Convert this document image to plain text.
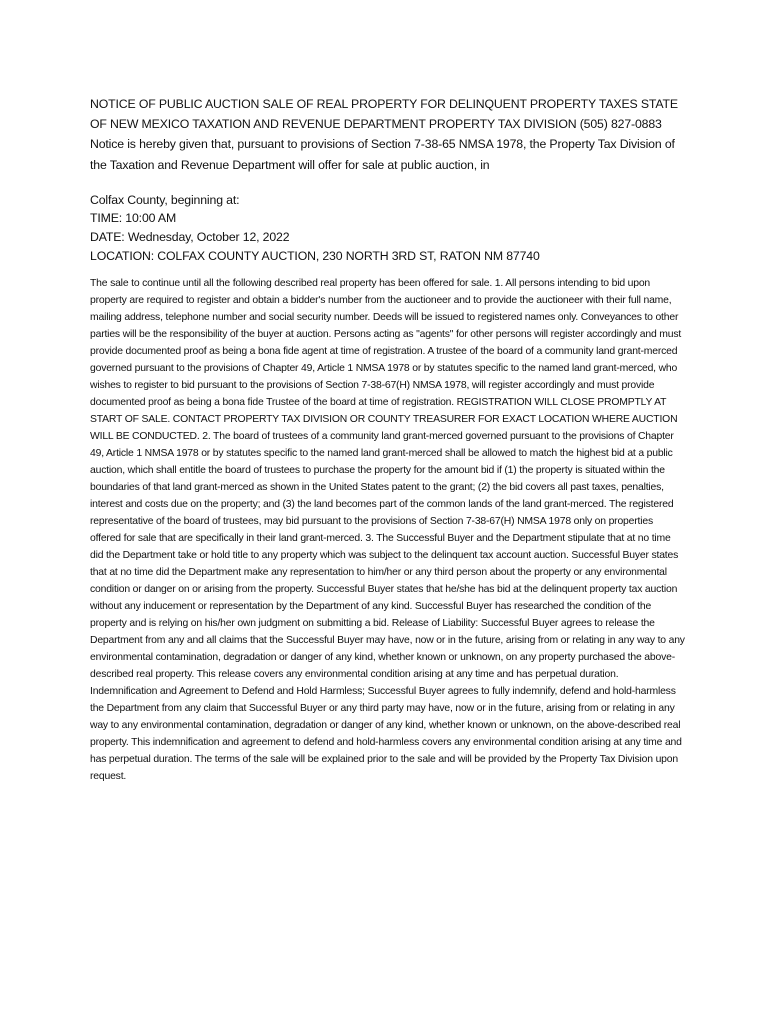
NOTICE OF PUBLIC AUCTION SALE OF REAL PROPERTY FOR DELINQUENT PROPERTY TAXES STATE OF NEW MEXICO TAXATION AND REVENUE DEPARTMENT PROPERTY TAX DIVISION (505) 827-0883 Notice is hereby given that, pursuant to provisions of Section 7-38-65 NMSA 1978, the Property Tax Division of the Taxation and Revenue Department will offer for sale at public auction, in

Colfax County, beginning at:

TIME: 10:00 AM

DATE: Wednesday, October 12, 2022

LOCATION: COLFAX COUNTY AUCTION, 230 NORTH 3RD ST, RATON NM 87740

The sale to continue until all the following described real property has been offered for sale. 1. All persons intending to bid upon property are required to register and obtain a bidder's number from the auctioneer and to provide the auctioneer with their full name, mailing address, telephone number and social security number. Deeds will be issued to registered names only. Conveyances to other parties will be the responsibility of the buyer at auction. Persons acting as "agents" for other persons will register accordingly and must provide documented proof as being a bona fide agent at time of registration. A trustee of the board of a community land grant-merced governed pursuant to the provisions of Chapter 49, Article 1 NMSA 1978 or by statutes specific to the named land grant-merced, who wishes to register to bid pursuant to the provisions of Section 7-38-67(H) NMSA 1978, will register accordingly and must provide documented proof as being a bona fide Trustee of the board at time of registration. REGISTRATION WILL CLOSE PROMPTLY AT START OF SALE. CONTACT PROPERTY TAX DIVISION OR COUNTY TREASURER FOR EXACT LOCATION WHERE AUCTION WILL BE CONDUCTED. 2. The board of trustees of a community land grant-merced governed pursuant to the provisions of Chapter 49, Article 1 NMSA 1978 or by statutes specific to the named land grant-merced shall be allowed to match the highest bid at a public auction, which shall entitle the board of trustees to purchase the property for the amount bid if (1) the property is situated within the boundaries of that land grant-merced as shown in the United States patent to the grant; (2) the bid covers all past taxes, penalties, interest and costs due on the property; and (3) the land becomes part of the common lands of the land grant-merced. The registered representative of the board of trustees, may bid pursuant to the provisions of Section 7-38-67(H) NMSA 1978 only on properties offered for sale that are specifically in their land grant-merced. 3. The Successful Buyer and the Department stipulate that at no time did the Department take or hold title to any property which was subject to the delinquent tax account auction. Successful Buyer states that at no time did the Department make any representation to him/her or any third person about the property or any environmental condition or danger on or arising from the property. Successful Buyer states that he/she has bid at the delinquent property tax auction without any inducement or representation by the Department of any kind. Successful Buyer has researched the condition of the property and is relying on his/her own judgment on submitting a bid. Release of Liability: Successful Buyer agrees to release the Department from any and all claims that the Successful Buyer may have, now or in the future, arising from or relating in any way to any environmental contamination, degradation or danger of any kind, whether known or unknown, on any property purchased the above-described real property. This release covers any environmental condition arising at any time and has perpetual duration. Indemnification and Agreement to Defend and Hold Harmless; Successful Buyer agrees to fully indemnify, defend and hold-harmless the Department from any claim that Successful Buyer or any third party may have, now or in the future, arising from or relating in any way to any environmental contamination, degradation or danger of any kind, whether known or unknown, on the above-described real property. This indemnification and agreement to defend and hold-harmless covers any environmental condition arising at any time and has perpetual duration. The terms of the sale will be explained prior to the sale and will be provided by the Property Tax Division upon request.
